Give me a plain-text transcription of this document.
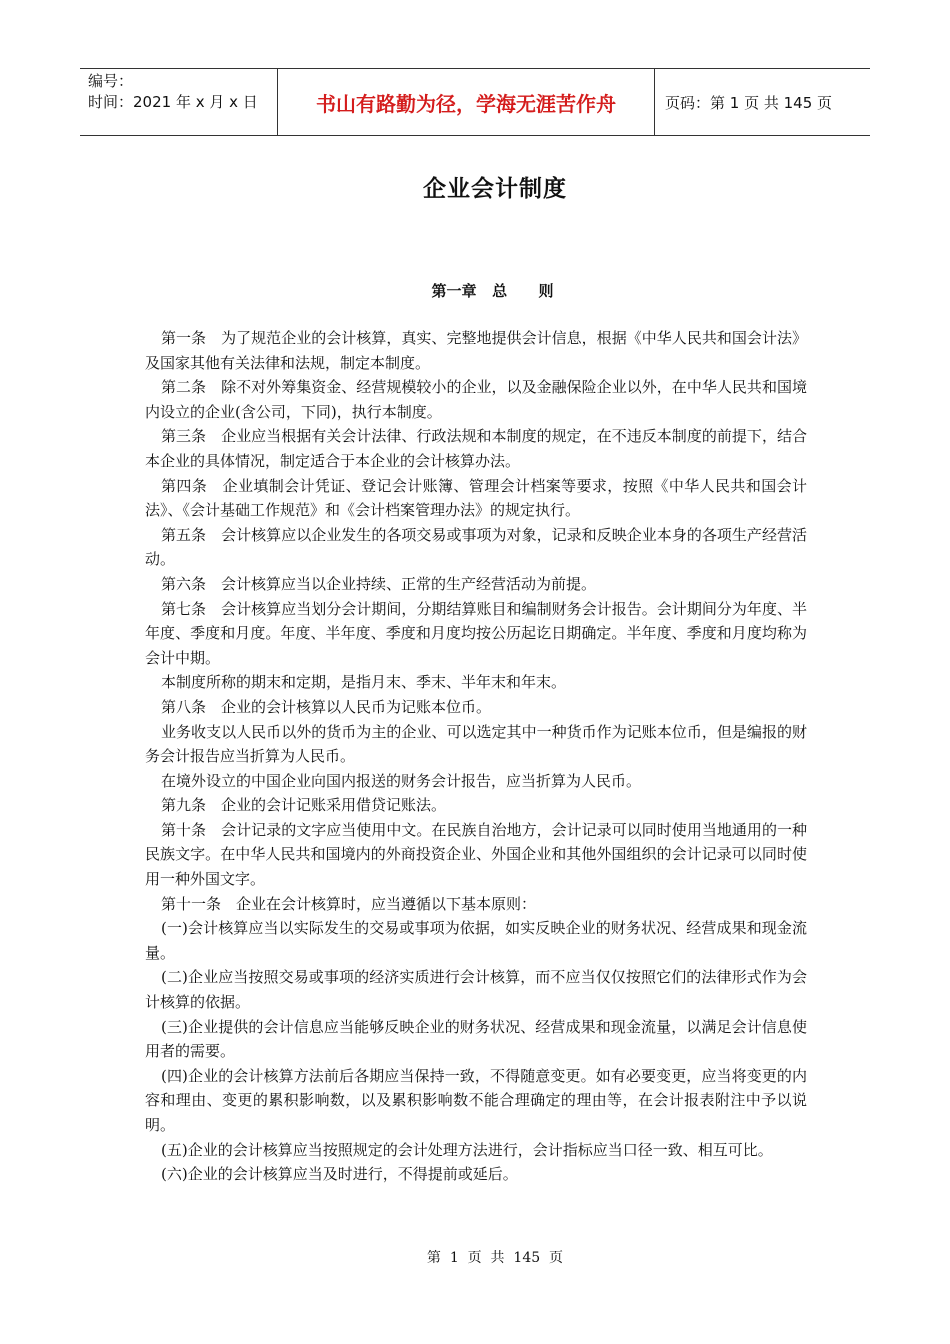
编号：
时间：2021 年 x 月 x 日	书山有路勤为径，学海无涯苦作舟	页码：第 1 页 共 145 页
企业会计制度
第一章   总      则

第一条　为了规范企业的会计核算，真实、完整地提供会计信息，根据《中华人民共和国会计法》及国家其他有关法律和法规，制定本制度。

第二条　除不对外筹集资金、经营规模较小的企业，以及金融保险企业以外，在中华人民共和国境内设立的企业(含公司，下同)，执行本制度。

第三条　企业应当根据有关会计法律、行政法规和本制度的规定，在不违反本制度的前提下，结合本企业的具体情况，制定适合于本企业的会计核算办法。

第四条　企业填制会计凭证、登记会计账簿、管理会计档案等要求，按照《中华人民共和国会计法》、《会计基础工作规范》和《会计档案管理办法》的规定执行。

第五条　会计核算应以企业发生的各项交易或事项为对象，记录和反映企业本身的各项生产经营活动。

第六条　会计核算应当以企业持续、正常的生产经营活动为前提。

第七条　会计核算应当划分会计期间，分期结算账目和编制财务会计报告。会计期间分为年度、半年度、季度和月度。年度、半年度、季度和月度均按公历起讫日期确定。半年度、季度和月度均称为会计中期。

本制度所称的期末和定期，是指月末、季末、半年末和年末。

第八条　企业的会计核算以人民币为记账本位币。

业务收支以人民币以外的货币为主的企业、可以选定其中一种货币作为记账本位币，但是编报的财务会计报告应当折算为人民币。

在境外设立的中国企业向国内报送的财务会计报告，应当折算为人民币。

第九条　企业的会计记账采用借贷记账法。

第十条　会计记录的文字应当使用中文。在民族自治地方，会计记录可以同时使用当地通用的一种民族文字。在中华人民共和国境内的外商投资企业、外国企业和其他外国组织的会计记录可以同时使用一种外国文字。

第十一条　企业在会计核算时，应当遵循以下基本原则：

(一)会计核算应当以实际发生的交易或事项为依据，如实反映企业的财务状况、经营成果和现金流量。

(二)企业应当按照交易或事项的经济实质进行会计核算，而不应当仅仅按照它们的法律形式作为会计核算的依据。

(三)企业提供的会计信息应当能够反映企业的财务状况、经营成果和现金流量，以满足会计信息使用者的需要。

(四)企业的会计核算方法前后各期应当保持一致，不得随意变更。如有必要变更，应当将变更的内容和理由、变更的累积影响数，以及累积影响数不能合理确定的理由等，在会计报表附注中予以说明。

(五)企业的会计核算应当按照规定的会计处理方法进行，会计指标应当口径一致、相互可比。

(六)企业的会计核算应当及时进行，不得提前或延后。

第  1  页  共  145  页
